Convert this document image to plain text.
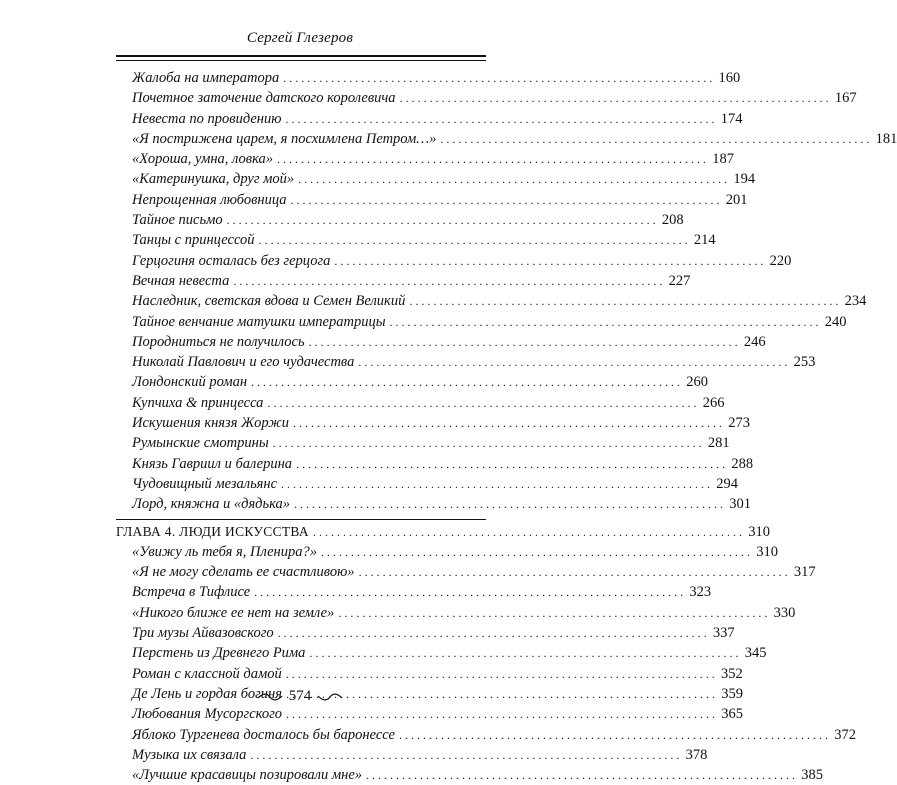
Сергей Глезеров
Жалоба на императора . . .	160
Почетное заточение датского королевича . . .	167
Невеста по провидению . . .	174
«Я пострижена царем, я посхимлена Петром…» . . .	181
«Хороша, умна, ловка» . . .	187
«Катеринушка, друг мой» . . .	194
Непрощенная любовница . . .	201
Тайное письмо . . .	208
Танцы с принцессой . . .	214
Герцогиня осталась без герцога . . .	220
Вечная невеста . . .	227
Наследник, светская вдова и Семен Великий . . .	234
Тайное венчание матушки императрицы . . .	240
Породниться не получилось . . .	246
Николай Павлович и его чудачества . . .	253
Лондонский роман . . .	260
Купчиха & принцесса . . .	266
Искушения князя Жоржи . . .	273
Румынские смотрины . . .	281
Князь Гавриил и балерина . . .	288
Чудовищный мезальянс . . .	294
Лорд, княжна и «дядька» . . .	301
ГЛАВА 4. ЛЮДИ ИСКУССТВА . . .	310
«Увижу ль тебя я, Пленира?» . . .	310
«Я не могу сделать ее счастливою» . . .	317
Встреча в Тифлисе . . .	323
«Никого ближе ее нет на земле» . . .	330
Три музы Айвазовского . . .	337
Перстень из Древнего Рима . . .	345
Роман с классной дамой . . .	352
Де Лень и гордая богиня . . .	359
Любования Мусоргского . . .	365
Яблоко Тургенева досталось бы баронессе . . .	372
Музыка их связала . . .	378
«Лучшие красавицы позировали мне» . . .	385
574
